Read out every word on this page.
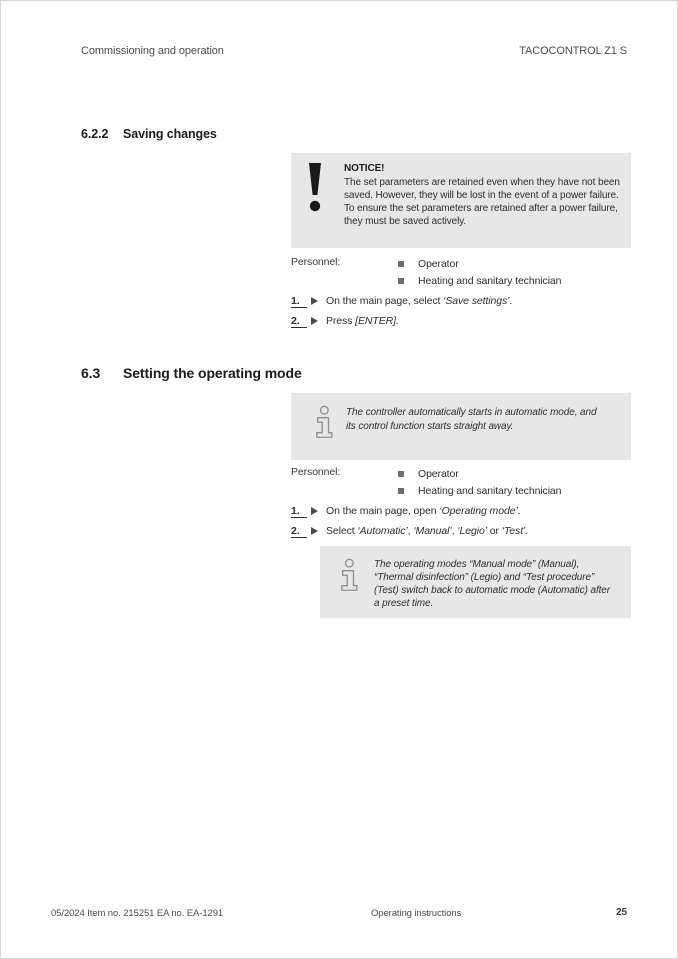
Commissioning and operation	TACOCONTROL Z1 S
6.2.2 Saving changes
NOTICE!
The set parameters are retained even when they have not been saved. However, they will be lost in the event of a power failure. To ensure the set parameters are retained after a power failure, they must be saved actively.
Personnel:	Operator
Heating and sanitary technician
1.	On the main page, select ‘Save settings’.
2.	Press [ENTER].
6.3 Setting the operating mode
The controller automatically starts in automatic mode, and its control function starts straight away.
Personnel:	Operator
Heating and sanitary technician
1.	On the main page, open ‘Operating mode’.
2.	Select ‘Automatic’, ‘Manual’, ‘Legio’ or ‘Test’.
The operating modes “Manual mode” (Manual), “Thermal disinfection” (Legio) and “Test procedure” (Test) switch back to automatic mode (Automatic) after a preset time.
05/2024 Item no. 215251 EA no. EA-1291	Operating instructions	25
